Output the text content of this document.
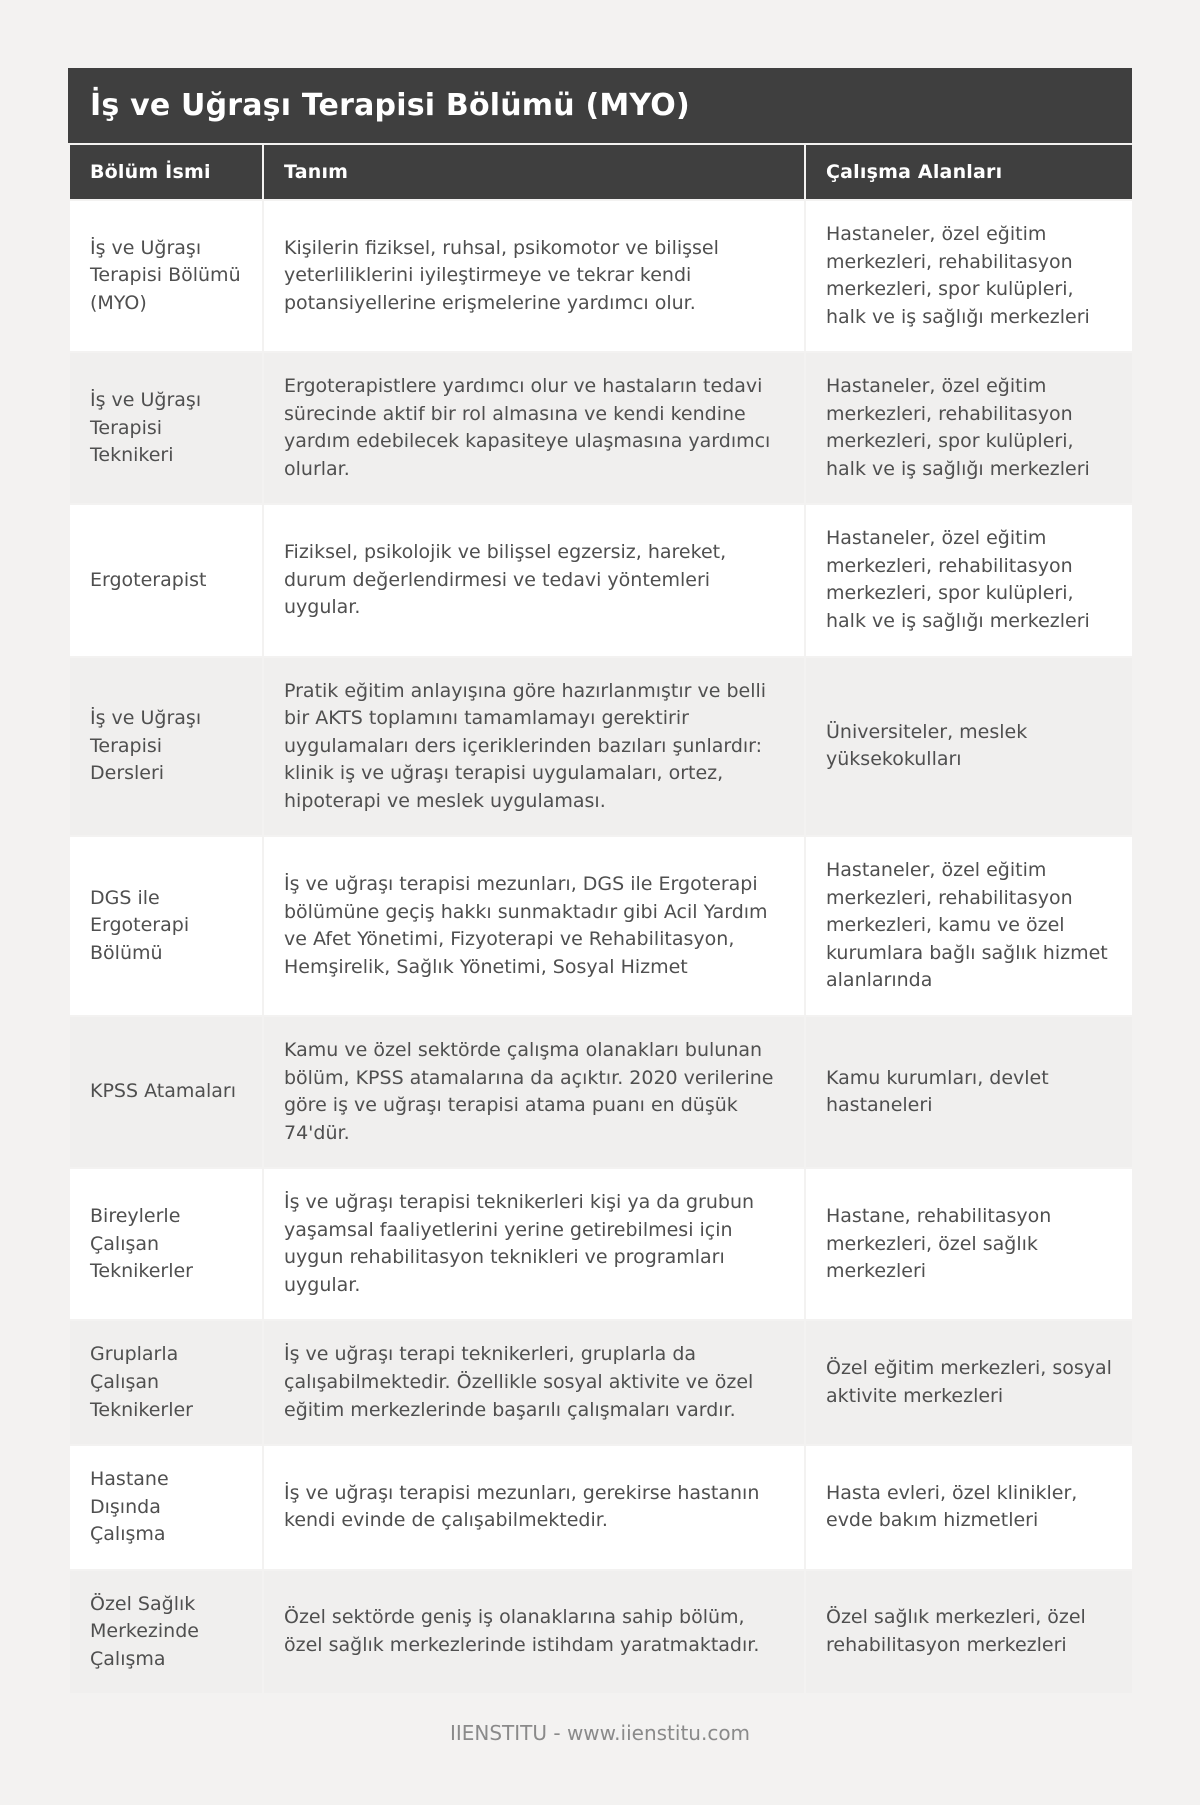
İş ve Uğraşı Terapisi Bölümü (MYO)
Bölüm İsmi	Tanım	Çalışma Alanları
İş ve Uğraşı Terapisi Bölümü (MYO)	Kişilerin fiziksel, ruhsal, psikomotor ve bilişsel yeterliliklerini iyileştirmeye ve tekrar kendi potansiyellerine erişmelerine yardımcı olur.	Hastaneler, özel eğitim merkezleri, rehabilitasyon merkezleri, spor kulüpleri, halk ve iş sağlığı merkezleri
İş ve Uğraşı Terapisi Teknikeri	Ergoterapistlere yardımcı olur ve hastaların tedavi sürecinde aktif bir rol almasına ve kendi kendine yardım edebilecek kapasiteye ulaşmasına yardımcı olurlar.	Hastaneler, özel eğitim merkezleri, rehabilitasyon merkezleri, spor kulüpleri, halk ve iş sağlığı merkezleri
Ergoterapist	Fiziksel, psikolojik ve bilişsel egzersiz, hareket, durum değerlendirmesi ve tedavi yöntemleri uygular.	Hastaneler, özel eğitim merkezleri, rehabilitasyon merkezleri, spor kulüpleri, halk ve iş sağlığı merkezleri
İş ve Uğraşı Terapisi Dersleri	Pratik eğitim anlayışına göre hazırlanmıştır ve belli bir AKTS toplamını tamamlamayı gerektirir uygulamaları ders içeriklerinden bazıları şunlardır: klinik iş ve uğraşı terapisi uygulamaları, ortez, hipoterapi ve meslek uygulaması.	Üniversiteler, meslek yüksekokulları
DGS ile Ergoterapi Bölümü	İş ve uğraşı terapisi mezunları, DGS ile Ergoterapi bölümüne geçiş hakkı sunmaktadır gibi Acil Yardım ve Afet Yönetimi, Fizyoterapi ve Rehabilitasyon, Hemşirelik, Sağlık Yönetimi, Sosyal Hizmet	Hastaneler, özel eğitim merkezleri, rehabilitasyon merkezleri, kamu ve özel kurumlara bağlı sağlık hizmet alanlarında
KPSS Atamaları	Kamu ve özel sektörde çalışma olanakları bulunan bölüm, KPSS atamalarına da açıktır. 2020 verilerine göre iş ve uğraşı terapisi atama puanı en düşük 74'dür.	Kamu kurumları, devlet hastaneleri
Bireylerle Çalışan Teknikerler	İş ve uğraşı terapisi teknikerleri kişi ya da grubun yaşamsal faaliyetlerini yerine getirebilmesi için uygun rehabilitasyon teknikleri ve programları uygular.	Hastane, rehabilitasyon merkezleri, özel sağlık merkezleri
Gruplarla Çalışan Teknikerler	İş ve uğraşı terapi teknikerleri, gruplarla da çalışabilmektedir. Özellikle sosyal aktivite ve özel eğitim merkezlerinde başarılı çalışmaları vardır.	Özel eğitim merkezleri, sosyal aktivite merkezleri
Hastane Dışında Çalışma	İş ve uğraşı terapisi mezunları, gerekirse hastanın kendi evinde de çalışabilmektedir.	Hasta evleri, özel klinikler, evde bakım hizmetleri
Özel Sağlık Merkezinde Çalışma	Özel sektörde geniş iş olanaklarına sahip bölüm, özel sağlık merkezlerinde istihdam yaratmaktadır.	Özel sağlık merkezleri, özel rehabilitasyon merkezleri
IIENSTITU - www.iienstitu.com
